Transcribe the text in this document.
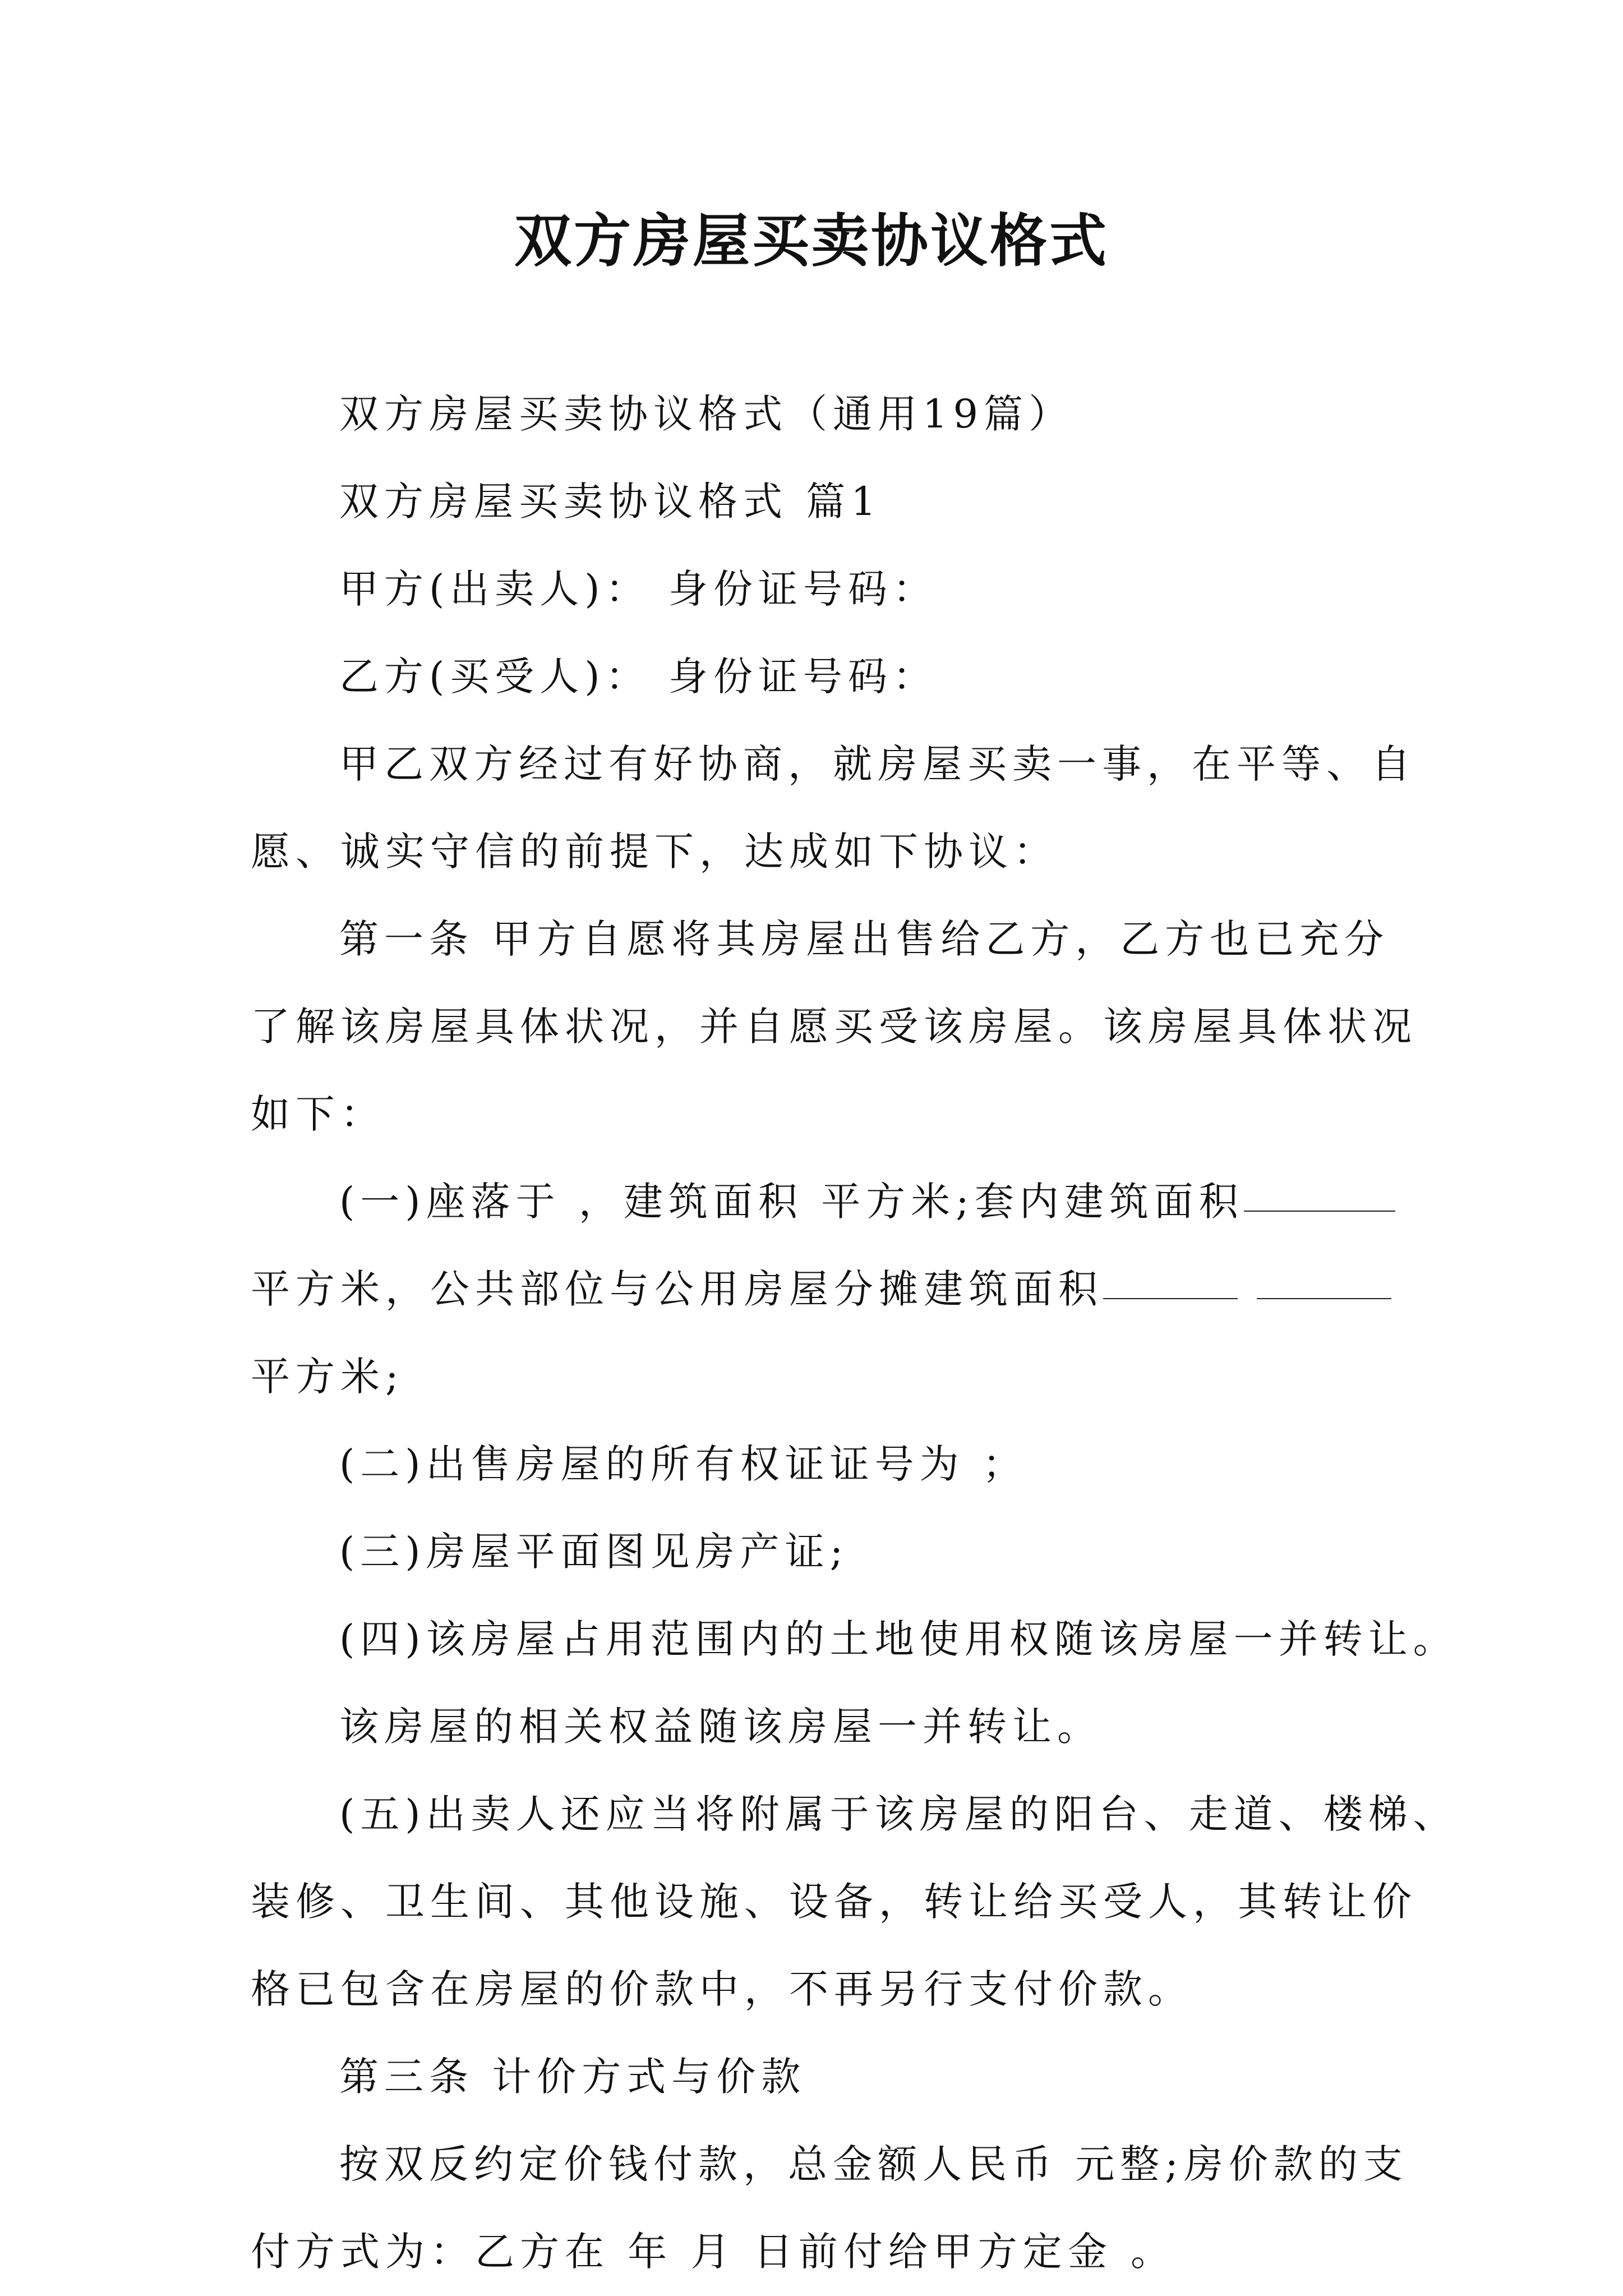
双方房屋买卖协议格式

双方房屋买卖协议格式（通用19篇）

双方房屋买卖协议格式 篇1

甲方(出卖人)： 身份证号码：

乙方(买受人)： 身份证号码：

甲乙双方经过有好协商，就房屋买卖一事，在平等、自

愿、诚实守信的前提下，达成如下协议：

第一条 甲方自愿将其房屋出售给乙方，乙方也已充分

了解该房屋具体状况，并自愿买受该房屋。该房屋具体状况

如下：

(一)座落于 ，建筑面积 平方米;套内建筑面积

平方米，公共部位与公用房屋分摊建筑面积

平方米;

(二)出售房屋的所有权证证号为 ；

(三)房屋平面图见房产证;

(四)该房屋占用范围内的土地使用权随该房屋一并转让。

该房屋的相关权益随该房屋一并转让。

(五)出卖人还应当将附属于该房屋的阳台、走道、楼梯、

装修、卫生间、其他设施、设备，转让给买受人，其转让价

格已包含在房屋的价款中，不再另行支付价款。

第三条 计价方式与价款

按双反约定价钱付款，总金额人民币 元整;房价款的支

付方式为：乙方在 年 月 日前付给甲方定金 。
